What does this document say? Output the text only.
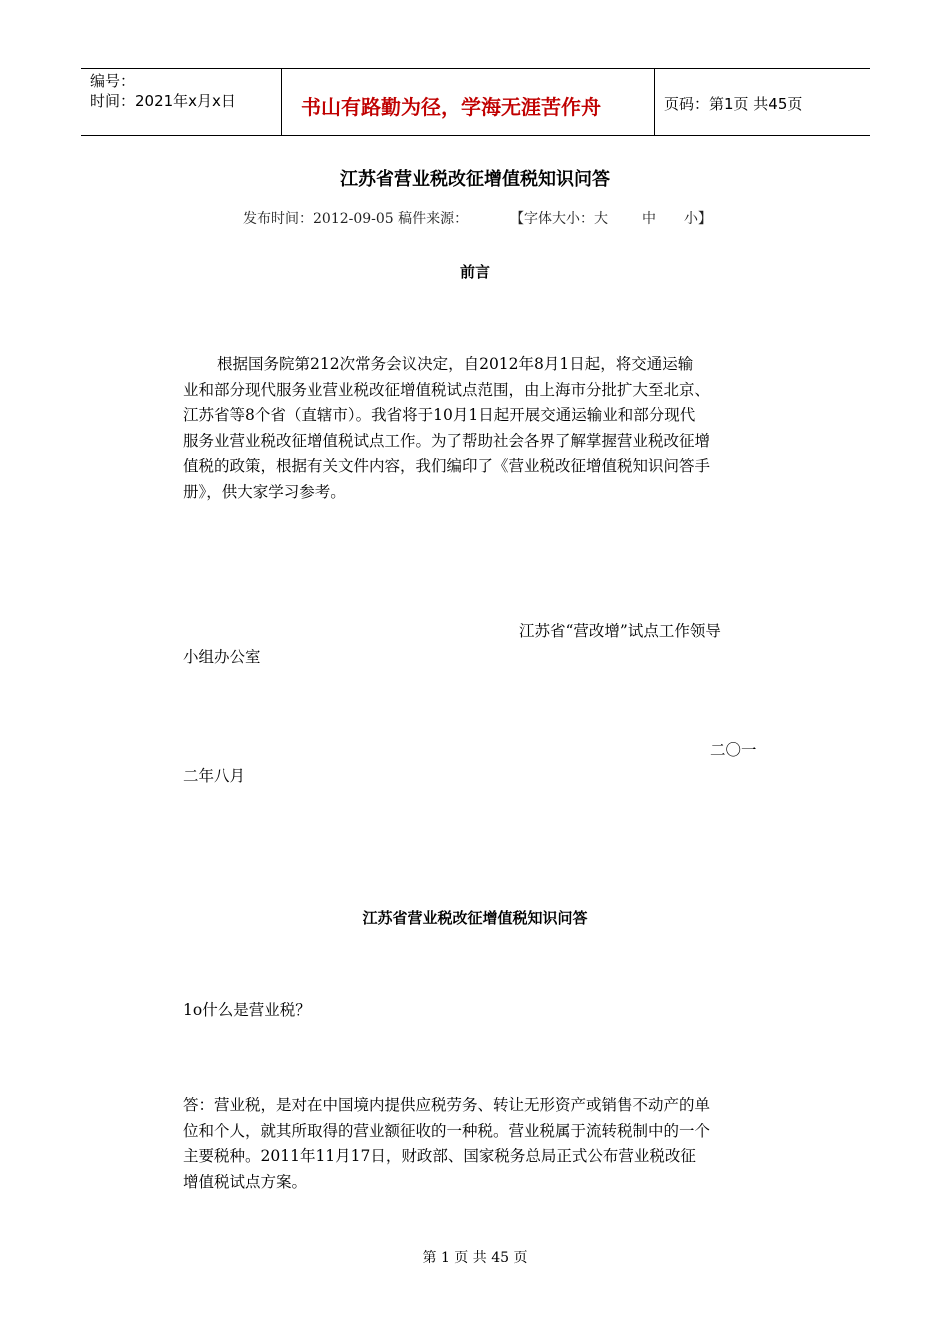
编号：
时间：2021年x月x日	书山有路勤为径，学海无涯苦作舟	页码：第1页 共45页
江苏省营业税改征增值税知识问答
发布时间：2012-09-05 稿件来源：	【字体大小：大 中 小】
前言
根据国务院第212次常务会议决定，自2012年8月1日起，将交通运输
业和部分现代服务业营业税改征增值税试点范围，由上海市分批扩大至北京、
江苏省等8个省（直辖市）。我省将于10月1日起开展交通运输业和部分现代
服务业营业税改征增值税试点工作。为了帮助社会各界了解掌握营业税改征增
值税的政策，根据有关文件内容，我们编印了《营业税改征增值税知识问答手
册》，供大家学习参考。
江苏省“营改增”试点工作领导
小组办公室
二〇一
二年八月
江苏省营业税改征增值税知识问答
1o什么是营业税？
答：营业税，是对在中国境内提供应税劳务、转让无形资产或销售不动产的单
位和个人，就其所取得的营业额征收的一种税。营业税属于流转税制中的一个
主要税种。2011年11月17日，财政部、国家税务总局正式公布营业税改征
增值税试点方案。
第 1 页 共 45 页
